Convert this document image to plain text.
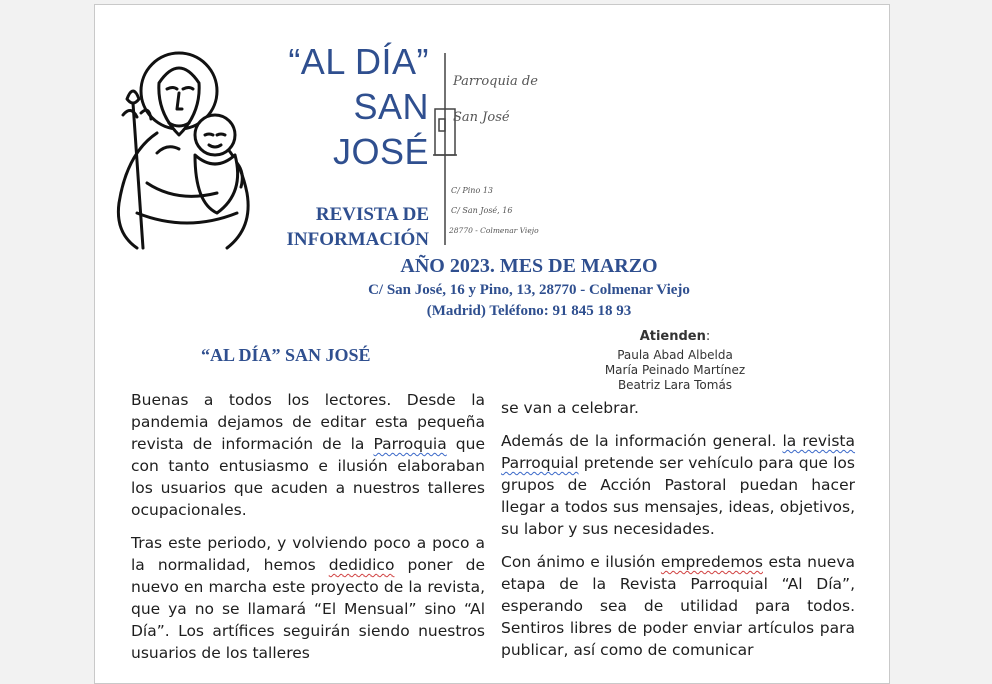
“AL DÍA”
SAN
JOSÉ
Parroquia de
San José
C/ Pino 13
C/ San José, 16
28770 - Colmenar Viejo
REVISTA DE
INFORMACIÓN
AÑO 2023. MES DE MARZO
C/ San José, 16 y Pino, 13, 28770 - Colmenar Viejo
(Madrid) Teléfono: 91 845 18 93
Atienden:
Paula Abad Albelda
María Peinado Martínez
Beatriz Lara Tomás
“AL DÍA” SAN JOSÉ

Buenas a todos los lectores. Desde la pandemia dejamos de editar esta pequeña revista de información de la Parroquia que con tanto entusiasmo e ilusión elaboraban los usuarios que acuden a nuestros talleres ocupacionales.

Tras este periodo, y volviendo poco a poco a la normalidad, hemos dedidico poner de nuevo en marcha este proyecto de la revista, que ya no se llamará “El Mensual” sino “Al Día”. Los artífices seguirán siendo nuestros usuarios de los talleres

se van a celebrar.

Además de la información general. la revista Parroquial pretende ser vehículo para que los grupos de Acción Pastoral puedan hacer llegar a todos sus mensajes, ideas, objetivos, su labor y sus necesidades.

Con ánimo e ilusión empredemos esta nueva etapa de la Revista Parroquial “Al Día”, esperando sea de utilidad para todos. Sentiros libres de poder enviar artículos para publicar, así como de comunicar
